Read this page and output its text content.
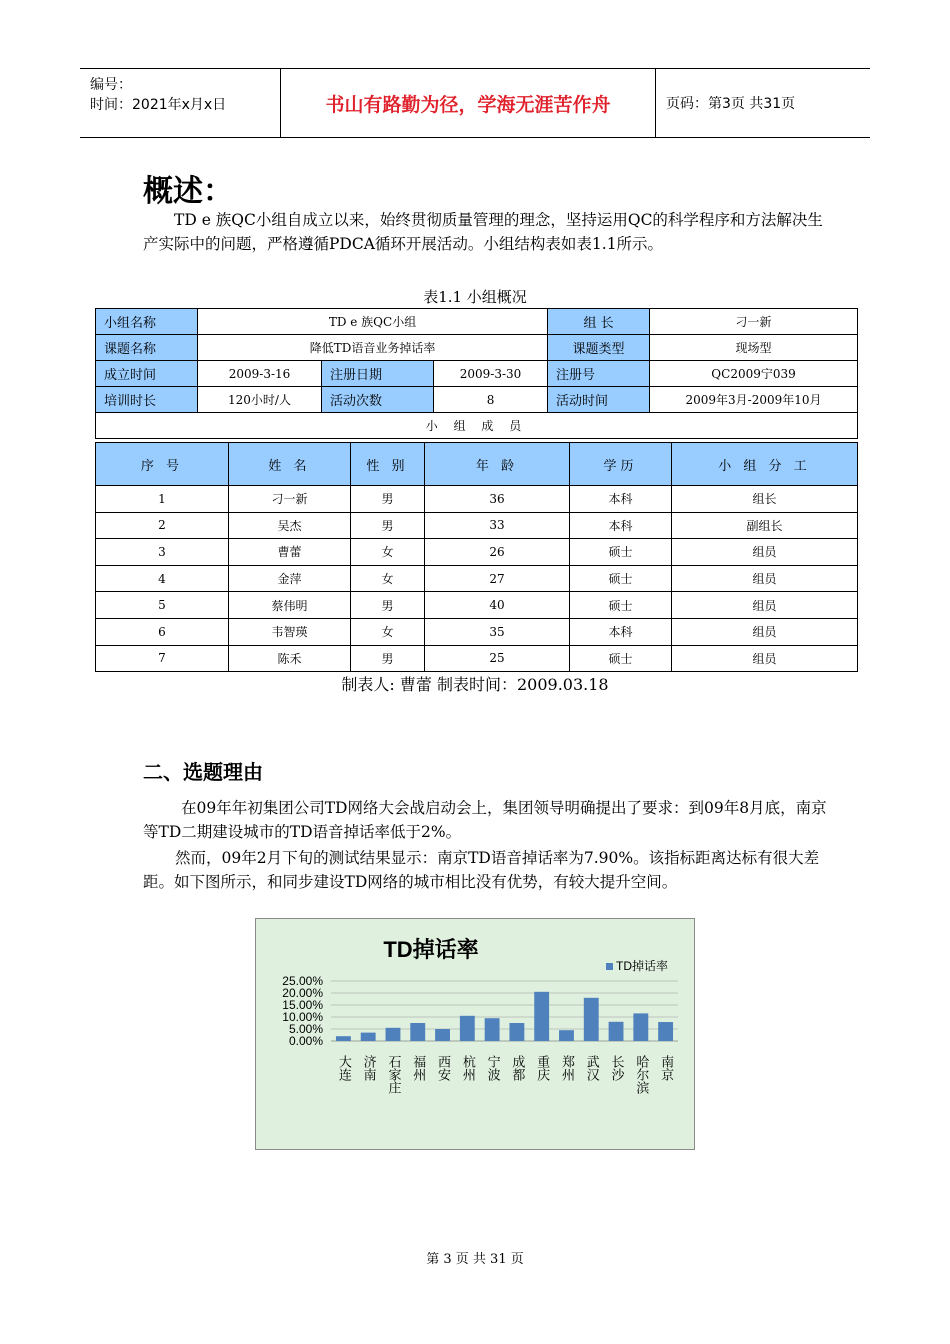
编号：
时间：2021年x月x日	书山有路勤为径，学海无涯苦作舟	页码：第3页 共31页
概述：
TD e 族QC小组自成立以来，始终贯彻质量管理的理念，坚持运用QC的科学程序和方法解决生产实际中的问题，严格遵循PDCA循环开展活动。小组结构表如表1.1所示。
表1.1 小组概况
小组名称	TD e 族QC小组			组 长	刁一新
课题名称	降低TD语音业务掉话率			课题类型	现场型
成立时间	2009-3-16	注册日期	2009-3-30	注册号	QC2009宁039
培训时长	120小时/人	活动次数	8	活动时间	2009年3月-2009年10月
小 组 成 员					
序 号	姓 名	性 别	年 龄	学历	小 组 分 工
1	刁一新	男	36	本科	组长
2	吴杰	男	33	本科	副组长
3	曹蕾	女	26	硕士	组员
4	金萍	女	27	硕士	组员
5	蔡伟明	男	40	硕士	组员
6	韦智瑛	女	35	本科	组员
7	陈禾	男	25	硕士	组员
制表人: 曹蕾 制表时间：2009.03.18
二、选题理由
在09年年初集团公司TD网络大会战启动会上，集团领导明确提出了要求：到09年8月底，南京等TD二期建设城市的TD语音掉话率低于2%。
然而，09年2月下旬的测试结果显示：南京TD语音掉话率为7.90%。该指标距离达标有很大差距。如下图所示，和同步建设TD网络的城市相比没有优势，有较大提升空间。
TD掉话率
TD掉话率
0.00%
5.00%
10.00%
15.00%
20.00%
25.00%
大连 济南 石家庄 福州 西安 杭州 宁波 成都 重庆 郑州 武汉 长沙 哈尔滨 南京
第 3 页 共 31 页
